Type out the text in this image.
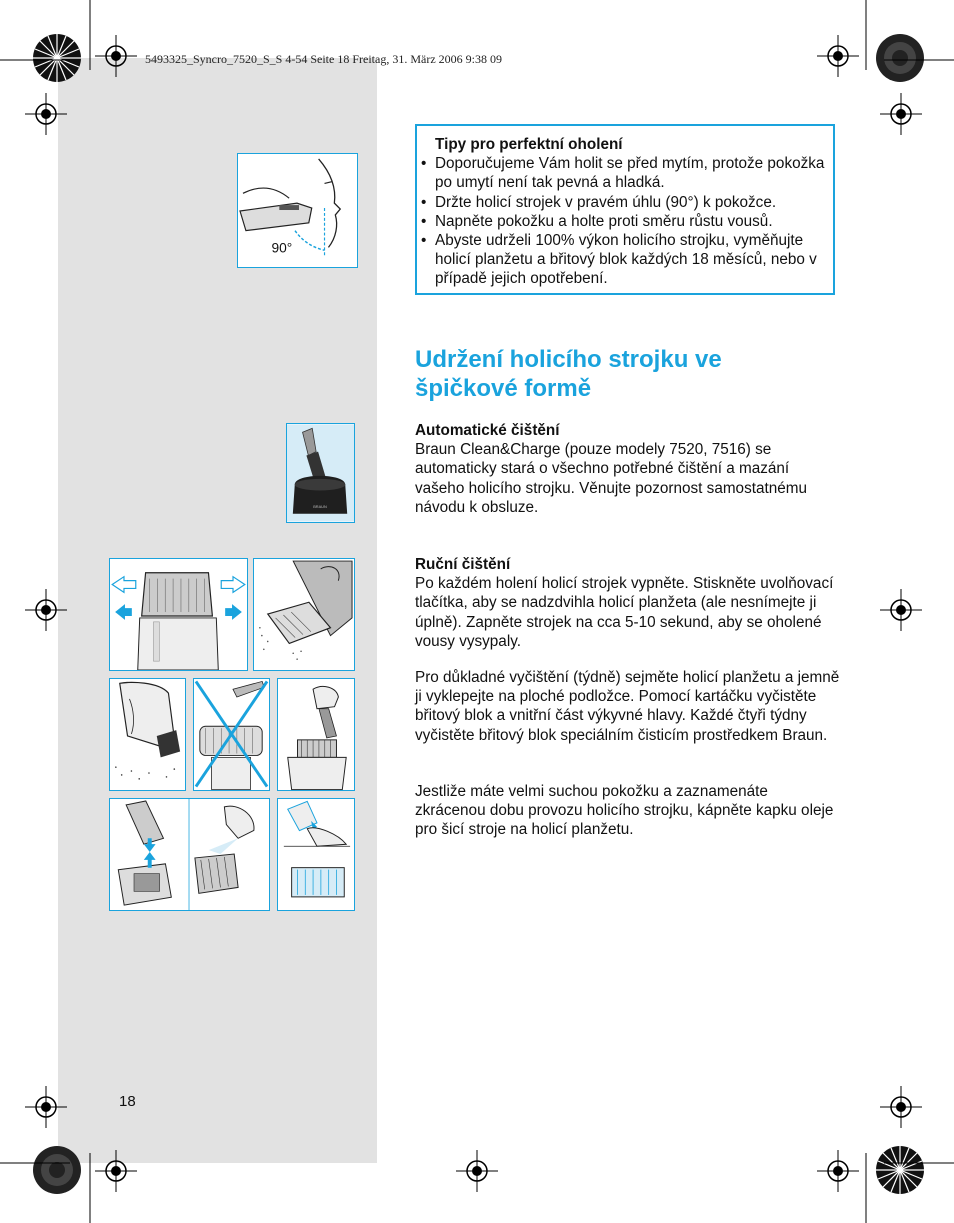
5493325_Syncro_7520_S_S 4-54 Seite 18 Freitag, 31. März 2006 9:38 09
Tipy pro perfektní oholení
• Doporučujeme Vám holit se před mytím, protože pokožka po umytí není tak pevná a hladká.
• Držte holicí strojek v pravém úhlu (90°) k pokožce.
• Napněte pokožku a holte proti směru růstu vousů.
• Abyste udrželi 100% výkon holicího strojku, vyměňujte holicí planžetu a břitový blok každých 18 měsíců, nebo v případě jejich opotřebení.
Udržení holicího strojku ve špičkové formě
Automatické čištění
Braun Clean&Charge (pouze modely 7520, 7516) se automaticky stará o všechno potřebné čištění a mazání vašeho holicího strojku. Věnujte pozornost samostatnému návodu k obsluze.
Ruční čištění
Po každém holení holicí strojek vypněte. Stiskněte uvolňovací tlačítka, aby se nadzdvihla holicí planžeta (ale nesnímejte ji úplně). Zapněte strojek na cca 5-10 sekund, aby se oholené vousy vysypaly.
Pro důkladné vyčištění (týdně) sejměte holicí planžetu a jemně ji vyklepejte na ploché podložce. Pomocí kartáčku vyčistěte břitový blok a vnitřní část výkyvné hlavy. Každé čtyři týdny vyčistěte břitový blok speciálním čisticím prostředkem Braun.
Jestliže máte velmi suchou pokožku a zaznamenáte zkrácenou dobu provozu holicího strojku, kápněte kapku oleje pro šicí stroje na holicí planžetu.
90°
BRAUN
18
